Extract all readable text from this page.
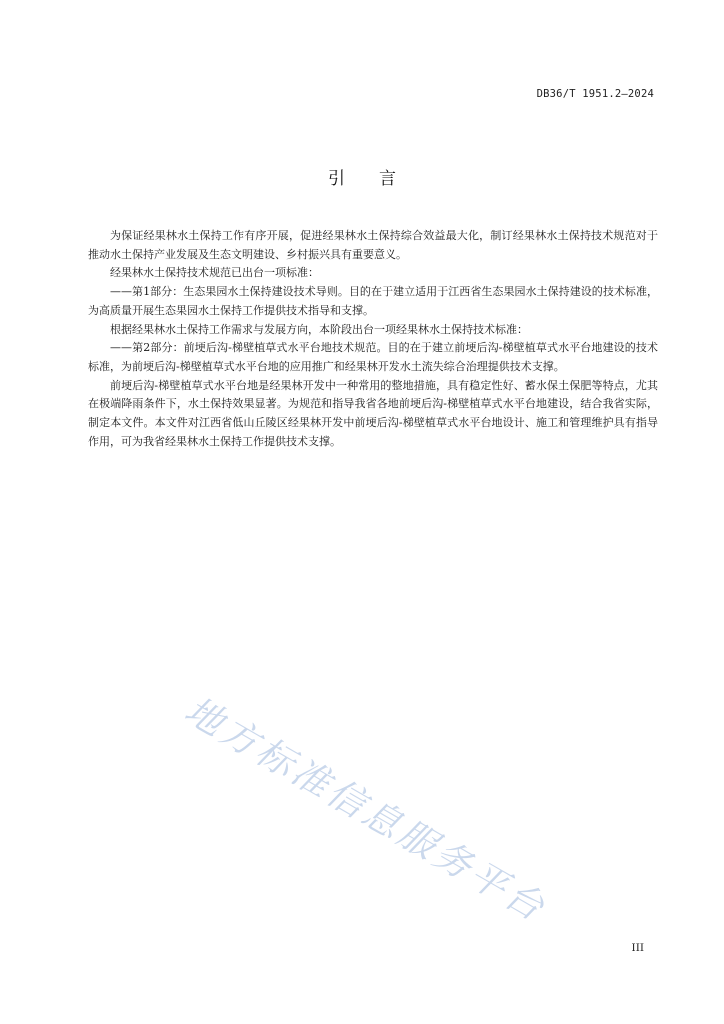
DB36/T 1951.2—2024
引言

为保证经果林水土保持工作有序开展，促进经果林水土保持综合效益最大化，制订经果林水土保持技术规范对于推动水土保持产业发展及生态文明建设、乡村振兴具有重要意义。

经果林水土保持技术规范已出台一项标准：

——第1部分：生态果园水土保持建设技术导则。目的在于建立适用于江西省生态果园水土保持建设的技术标准，为高质量开展生态果园水土保持工作提供技术指导和支撑。

根据经果林水土保持工作需求与发展方向，本阶段出台一项经果林水土保持技术标准：

——第2部分：前埂后沟-梯壁植草式水平台地技术规范。目的在于建立前埂后沟-梯壁植草式水平台地建设的技术标准，为前埂后沟-梯壁植草式水平台地的应用推广和经果林开发水土流失综合治理提供技术支撑。

前埂后沟-梯壁植草式水平台地是经果林开发中一种常用的整地措施，具有稳定性好、蓄水保土保肥等特点，尤其在极端降雨条件下，水土保持效果显著。为规范和指导我省各地前埂后沟-梯壁植草式水平台地建设，结合我省实际，制定本文件。本文件对江西省低山丘陵区经果林开发中前埂后沟-梯壁植草式水平台地设计、施工和管理维护具有指导作用，可为我省经果林水土保持工作提供技术支撑。

地方标准信息服务平台
III
